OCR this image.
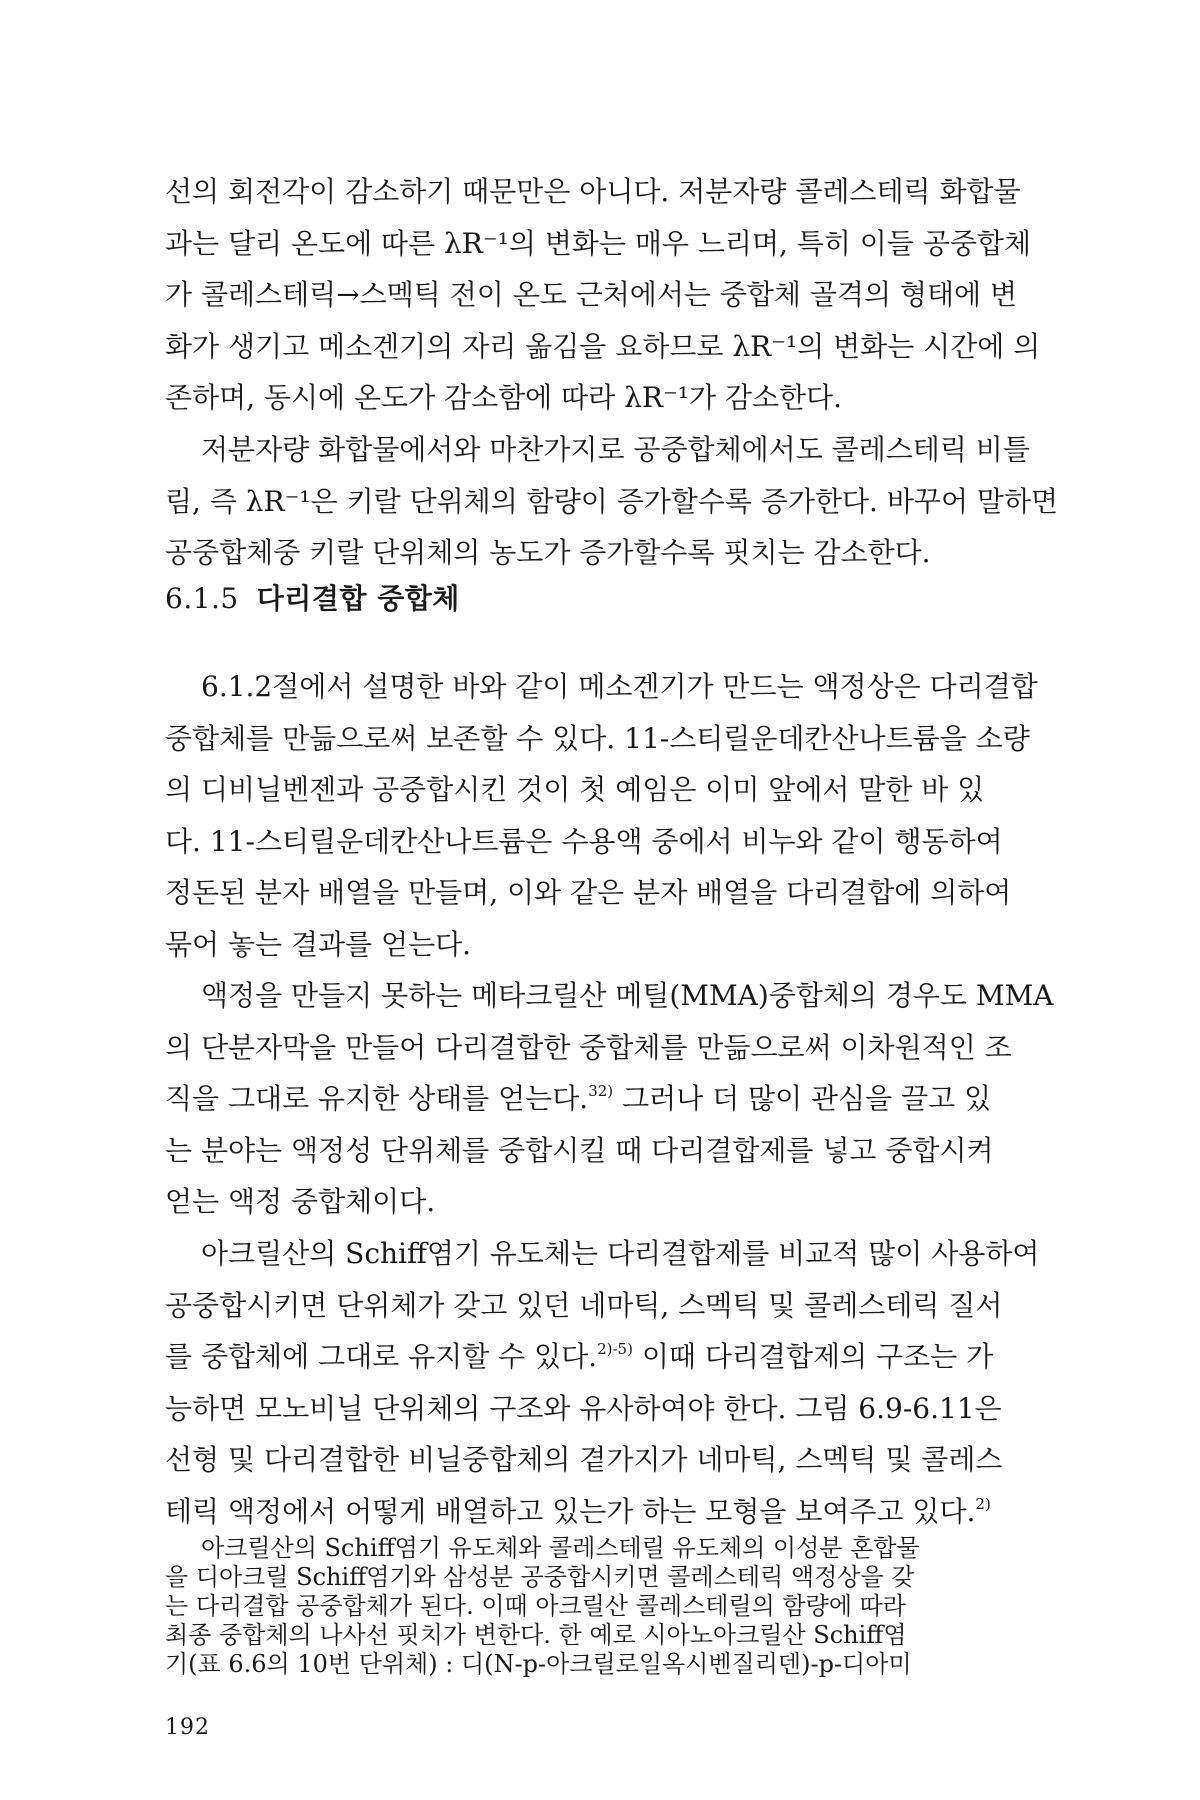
선의 회전각이 감소하기 때문만은 아니다. 저분자량 콜레스테릭 화합물
과는 달리 온도에 따른 λR⁻¹의 변화는 매우 느리며, 특히 이들 공중합체
가 콜레스테릭→스멕틱 전이 온도 근처에서는 중합체 골격의 형태에 변
화가 생기고 메소겐기의 자리 옮김을 요하므로 λR⁻¹의 변화는 시간에 의
존하며, 동시에 온도가 감소함에 따라 λR⁻¹가 감소한다.
저분자량 화합물에서와 마찬가지로 공중합체에서도 콜레스테릭 비틀
림, 즉 λR⁻¹은 키랄 단위체의 함량이 증가할수록 증가한다. 바꾸어 말하면
공중합체중 키랄 단위체의 농도가 증가할수록 핏치는 감소한다.
6.1.5 다리결합 중합체
6.1.2절에서 설명한 바와 같이 메소겐기가 만드는 액정상은 다리결합
중합체를 만듦으로써 보존할 수 있다. 11-스티릴운데칸산나트륨을 소량
의 디비닐벤젠과 공중합시킨 것이 첫 예임은 이미 앞에서 말한 바 있
다. 11-스티릴운데칸산나트륨은 수용액 중에서 비누와 같이 행동하여
정돈된 분자 배열을 만들며, 이와 같은 분자 배열을 다리결합에 의하여
묶어 놓는 결과를 얻는다.
액정을 만들지 못하는 메타크릴산 메틸(MMA)중합체의 경우도 MMA
의 단분자막을 만들어 다리결합한 중합체를 만듦으로써 이차원적인 조
직을 그대로 유지한 상태를 얻는다.$^{32)}$ 그러나 더 많이 관심을 끌고 있
는 분야는 액정성 단위체를 중합시킬 때 다리결합제를 넣고 중합시켜
얻는 액정 중합체이다.
아크릴산의 Schiff염기 유도체는 다리결합제를 비교적 많이 사용하여
공중합시키면 단위체가 갖고 있던 네마틱, 스멕틱 및 콜레스테릭 질서
를 중합체에 그대로 유지할 수 있다.$^{2)-5)}$ 이때 다리결합제의 구조는 가
능하면 모노비닐 단위체의 구조와 유사하여야 한다. 그림 6.9-6.11은
선형 및 다리결합한 비닐중합체의 곁가지가 네마틱, 스멕틱 및 콜레스
테릭 액정에서 어떻게 배열하고 있는가 하는 모형을 보여주고 있다.$^{2)}$
아크릴산의 Schiff염기 유도체와 콜레스테릴 유도체의 이성분 혼합물
을 디아크릴 Schiff염기와 삼성분 공중합시키면 콜레스테릭 액정상을 갖
는 다리결합 공중합체가 된다. 이때 아크릴산 콜레스테릴의 함량에 따라
최종 중합체의 나사선 핏치가 변한다. 한 예로 시아노아크릴산 Schiff염
기(표 6.6의 10번 단위체) : 디(N-p-아크릴로일옥시벤질리덴)-p-디아미
192
